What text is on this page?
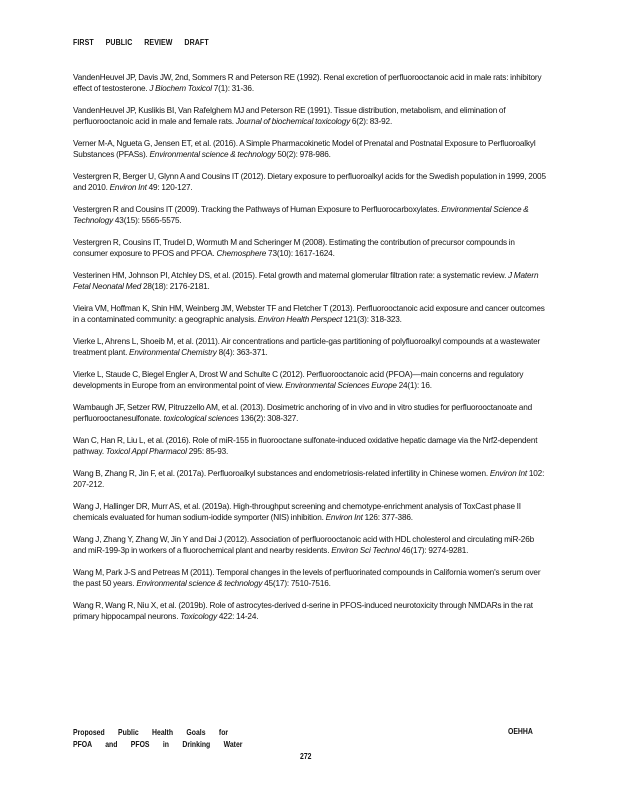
FIRST PUBLIC REVIEW DRAFT

VandenHeuvel JP, Davis JW, 2nd, Sommers R and Peterson RE (1992). Renal excretion of perfluorooctanoic acid in male rats: inhibitory effect of testosterone. J Biochem Toxicol 7(1): 31-36.

VandenHeuvel JP, Kuslikis BI, Van Rafelghem MJ and Peterson RE (1991). Tissue distribution, metabolism, and elimination of perfluorooctanoic acid in male and female rats. Journal of biochemical toxicology 6(2): 83-92.

Verner M-A, Ngueta G, Jensen ET, et al. (2016). A Simple Pharmacokinetic Model of Prenatal and Postnatal Exposure to Perfluoroalkyl Substances (PFASs). Environmental science & technology 50(2): 978-986.

Vestergren R, Berger U, Glynn A and Cousins IT (2012). Dietary exposure to perfluoroalkyl acids for the Swedish population in 1999, 2005 and 2010. Environ Int 49: 120-127.

Vestergren R and Cousins IT (2009). Tracking the Pathways of Human Exposure to Perfluorocarboxylates. Environmental Science & Technology 43(15): 5565-5575.

Vestergren R, Cousins IT, Trudel D, Wormuth M and Scheringer M (2008). Estimating the contribution of precursor compounds in consumer exposure to PFOS and PFOA. Chemosphere 73(10): 1617-1624.

Vesterinen HM, Johnson PI, Atchley DS, et al. (2015). Fetal growth and maternal glomerular filtration rate: a systematic review. J Matern Fetal Neonatal Med 28(18): 2176-2181.

Vieira VM, Hoffman K, Shin HM, Weinberg JM, Webster TF and Fletcher T (2013). Perfluorooctanoic acid exposure and cancer outcomes in a contaminated community: a geographic analysis. Environ Health Perspect 121(3): 318-323.

Vierke L, Ahrens L, Shoeib M, et al. (2011). Air concentrations and particle-gas partitioning of polyfluoroalkyl compounds at a wastewater treatment plant. Environmental Chemistry 8(4): 363-371.

Vierke L, Staude C, Biegel Engler A, Drost W and Schulte C (2012). Perfluorooctanoic acid (PFOA)—main concerns and regulatory developments in Europe from an environmental point of view. Environmental Sciences Europe 24(1): 16.

Wambaugh JF, Setzer RW, Pitruzzello AM, et al. (2013). Dosimetric anchoring of in vivo and in vitro studies for perfluorooctanoate and perfluorooctanesulfonate. toxicological sciences 136(2): 308-327.

Wan C, Han R, Liu L, et al. (2016). Role of miR-155 in fluorooctane sulfonate-induced oxidative hepatic damage via the Nrf2-dependent pathway. Toxicol Appl Pharmacol 295: 85-93.

Wang B, Zhang R, Jin F, et al. (2017a). Perfluoroalkyl substances and endometriosis-related infertility in Chinese women. Environ Int 102: 207-212.

Wang J, Hallinger DR, Murr AS, et al. (2019a). High-throughput screening and chemotype-enrichment analysis of ToxCast phase II chemicals evaluated for human sodium-iodide symporter (NIS) inhibition. Environ Int 126: 377-386.

Wang J, Zhang Y, Zhang W, Jin Y and Dai J (2012). Association of perfluorooctanoic acid with HDL cholesterol and circulating miR-26b and miR-199-3p in workers of a fluorochemical plant and nearby residents. Environ Sci Technol 46(17): 9274-9281.

Wang M, Park J-S and Petreas M (2011). Temporal changes in the levels of perfluorinated compounds in California women's serum over the past 50 years. Environmental science & technology 45(17): 7510-7516.

Wang R, Wang R, Niu X, et al. (2019b). Role of astrocytes-derived d-serine in PFOS-induced neurotoxicity through NMDARs in the rat primary hippocampal neurons. Toxicology 422: 14-24.

Proposed Public Health Goals for
PFOA and PFOS in Drinking Water
OEHHA
272
